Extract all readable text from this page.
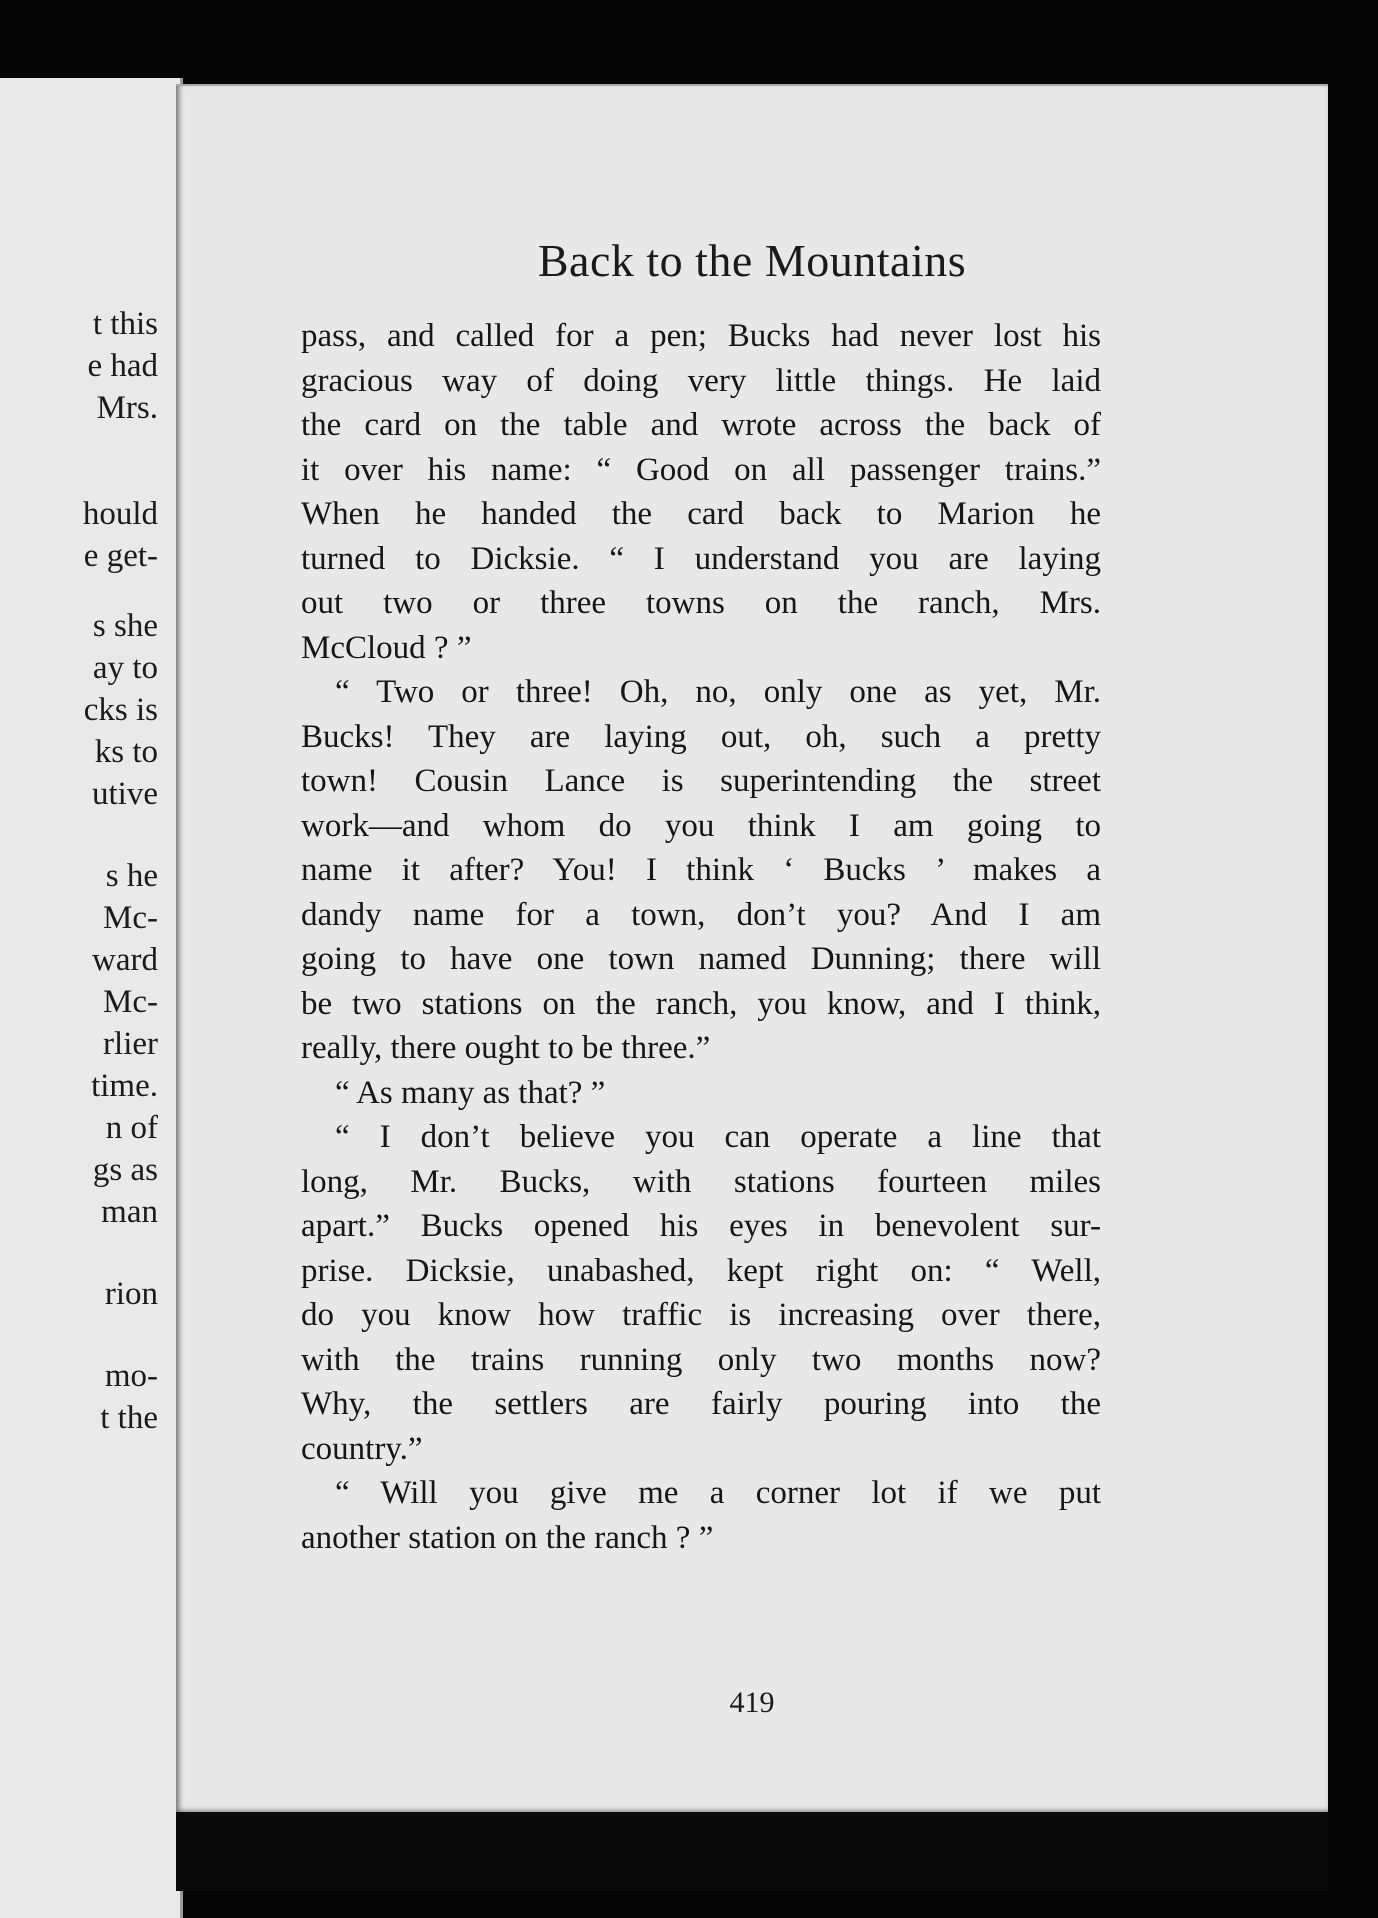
t this
e had
Mrs.
hould
e get-
s she
ay to
cks is
ks to
utive
s he
Mc-
ward
Mc-
rlier
time.
n of
gs as
man
rion
mo-
t the
Back to the Mountains
pass, and called for a pen; Bucks had never lost his
gracious way of doing very little things. He laid
the card on the table and wrote across the back of
it over his name: “ Good on all passenger trains.”
When he handed the card back to Marion he
turned to Dicksie. “ I understand you are laying
out two or three towns on the ranch, Mrs.
McCloud ? ”
“ Two or three! Oh, no, only one as yet, Mr.
Bucks! They are laying out, oh, such a pretty
town! Cousin Lance is superintending the street
work—and whom do you think I am going to
name it after? You! I think ‘ Bucks ’ makes a
dandy name for a town, don’t you? And I am
going to have one town named Dunning; there will
be two stations on the ranch, you know, and I think,
really, there ought to be three.”
“ As many as that? ”
“ I don’t believe you can operate a line that
long, Mr. Bucks, with stations fourteen miles
apart.” Bucks opened his eyes in benevolent sur-
prise. Dicksie, unabashed, kept right on: “ Well,
do you know how traffic is increasing over there,
with the trains running only two months now?
Why, the settlers are fairly pouring into the
country.”
“ Will you give me a corner lot if we put
another station on the ranch ? ”
419
